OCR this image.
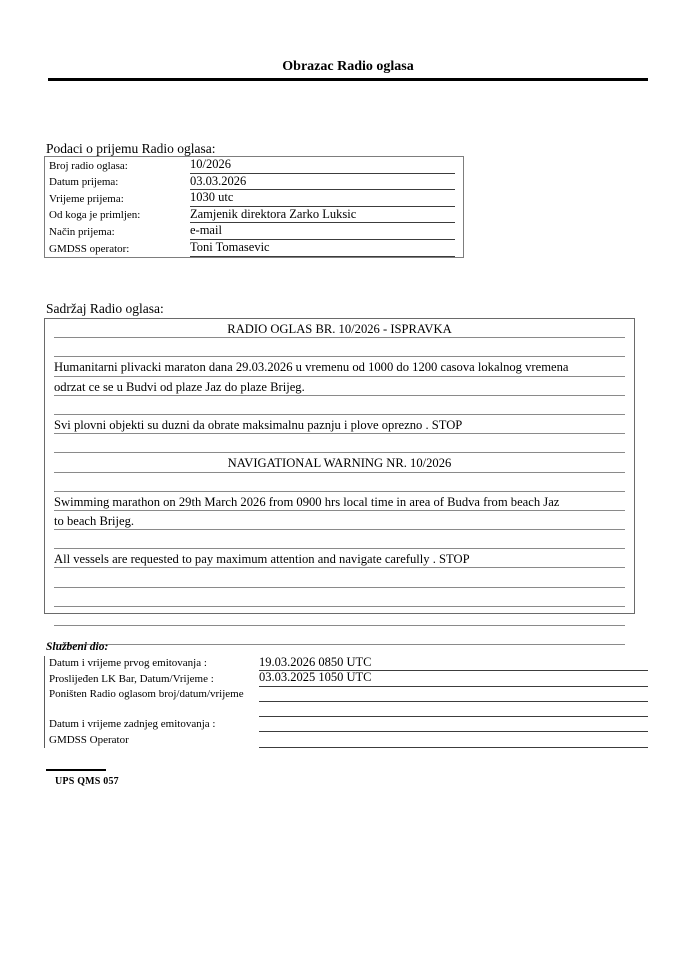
Obrazac Radio oglasa
Podaci o prijemu Radio oglasa:
Broj radio oglasa:	10/2026
Datum prijema:	03.03.2026
Vrijeme prijema:	1030 utc
Od koga je primljen:	Zamjenik direktora Zarko Luksic
Način prijema:	e-mail
GMDSS operator:	Toni Tomasevic
Sadržaj Radio oglasa:
RADIO OGLAS BR. 10/2026 - ISPRAVKA
Humanitarni plivacki maraton dana 29.03.2026 u vremenu od 1000 do 1200 casova lokalnog vremena
odrzat ce se u Budvi od plaze Jaz do plaze Brijeg.
Svi plovni objekti su duzni da obrate maksimalnu paznju i plove oprezno . STOP
NAVIGATIONAL WARNING NR. 10/2026
Swimming marathon on 29th March 2026 from 0900 hrs local time in area of Budva from beach Jaz
to beach Brijeg.
All vessels are requested to pay maximum attention and navigate carefully . STOP
Službeni dio:
Datum i vrijeme prvog emitovanja :	19.03.2026 0850 UTC
Proslijeđen LK Bar, Datum/Vrijeme :	03.03.2025 1050 UTC
Poništen Radio oglasom broj/datum/vrijeme
Datum i vrijeme zadnjeg emitovanja :
GMDSS Operator
UPS QMS 057
